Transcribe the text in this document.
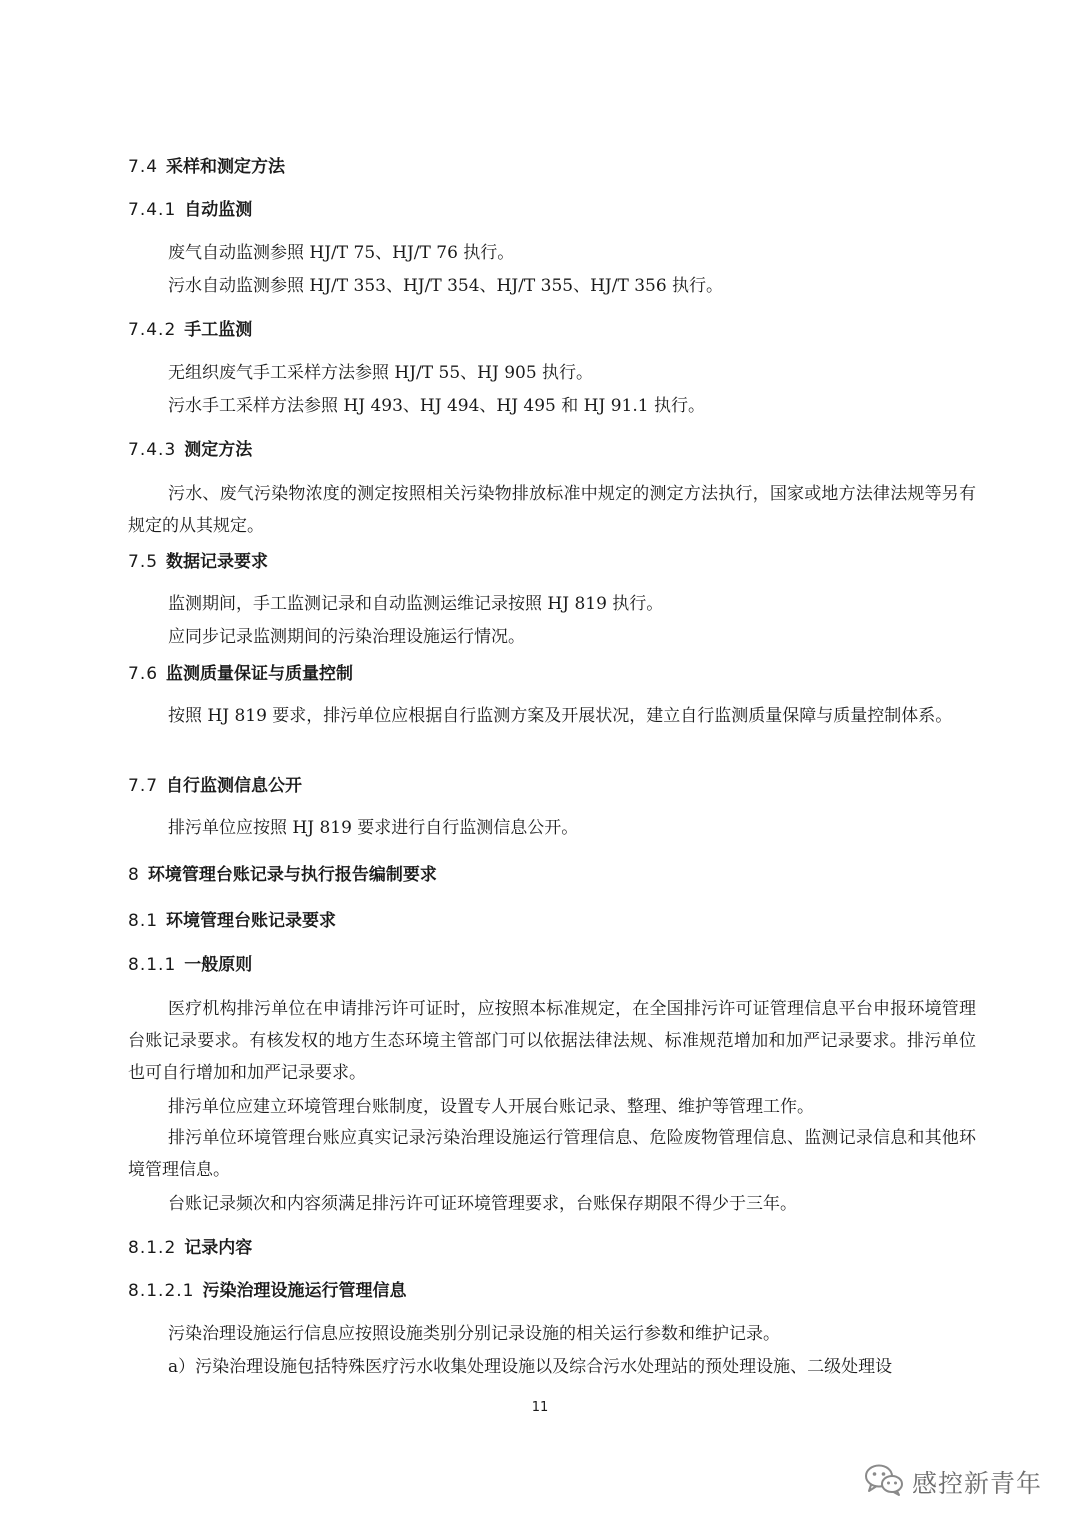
7.4 采样和测定方法
7.4.1 自动监测
废气自动监测参照 HJ/T 75、HJ/T 76 执行。
污水自动监测参照 HJ/T 353、HJ/T 354、HJ/T 355、HJ/T 356 执行。
7.4.2 手工监测
无组织废气手工采样方法参照 HJ/T 55、HJ 905 执行。
污水手工采样方法参照 HJ 493、HJ 494、HJ 495 和 HJ 91.1 执行。
7.4.3 测定方法

污水、废气污染物浓度的测定按照相关污染物排放标准中规定的测定方法执行，国家或地方法律法规等另有规定的从其规定。

7.5 数据记录要求
监测期间，手工监测记录和自动监测运维记录按照 HJ 819 执行。
应同步记录监测期间的污染治理设施运行情况。
7.6 监测质量保证与质量控制

按照 HJ 819 要求，排污单位应根据自行监测方案及开展状况，建立自行监测质量保障与质量控制体系。

7.7 自行监测信息公开
排污单位应按照 HJ 819 要求进行自行监测信息公开。
8 环境管理台账记录与执行报告编制要求
8.1 环境管理台账记录要求
8.1.1 一般原则

医疗机构排污单位在申请排污许可证时，应按照本标准规定，在全国排污许可证管理信息平台申报环境管理台账记录要求。有核发权的地方生态环境主管部门可以依据法律法规、标准规范增加和加严记录要求。排污单位也可自行增加和加严记录要求。

排污单位应建立环境管理台账制度，设置专人开展台账记录、整理、维护等管理工作。

排污单位环境管理台账应真实记录污染治理设施运行管理信息、危险废物管理信息、监测记录信息和其他环境管理信息。

台账记录频次和内容须满足排污许可证环境管理要求，台账保存期限不得少于三年。
8.1.2 记录内容
8.1.2.1 污染治理设施运行管理信息
污染治理设施运行信息应按照设施类别分别记录设施的相关运行参数和维护记录。
a）污染治理设施包括特殊医疗污水收集处理设施以及综合污水处理站的预处理设施、二级处理设
11
感控新青年
